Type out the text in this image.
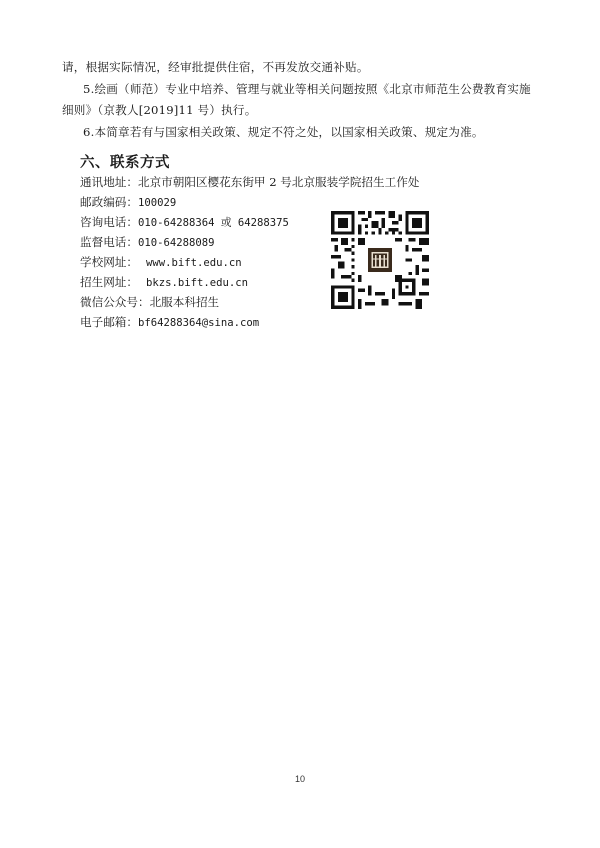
请，根据实际情况，经审批提供住宿，不再发放交通补贴。
5.绘画（师范）专业中培养、管理与就业等相关问题按照《北京市师范生公费教育实施
细则》（京教人[2019]11 号）执行。
6.本简章若有与国家相关政策、规定不符之处，以国家相关政策、规定为准。
六、联系方式
通讯地址：北京市朝阳区樱花东街甲 2 号北京服装学院招生工作处
邮政编码：100029
咨询电话：010-64288364 或 64288375
监督电话：010-64288089
学校网址： www.bift.edu.cn
招生网址： bkzs.bift.edu.cn
微信公众号：北服本科招生
电子邮箱：bf64288364@sina.com
10
